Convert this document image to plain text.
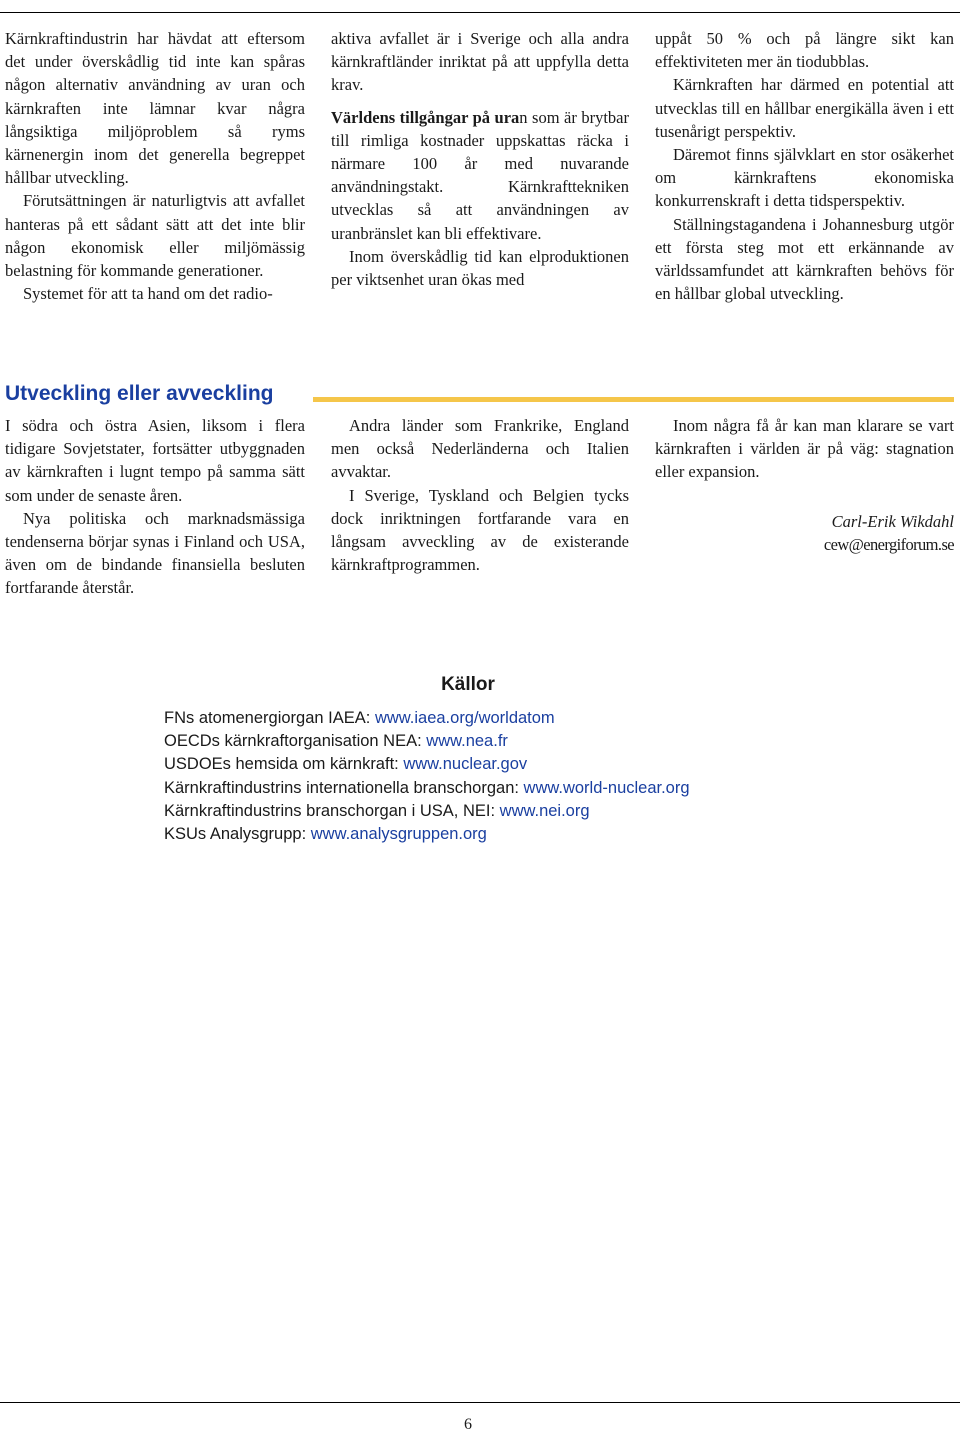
Kärnkraftindustrin har hävdat att eftersom det under överskådlig tid inte kan spåras någon alternativ användning av uran och kärnkraften inte lämnar kvar några långsiktiga miljöproblem så ryms kärnenergin inom det generella begreppet hållbar utveckling.

Förutsättningen är naturligtvis att avfallet hanteras på ett sådant sätt att det inte blir någon ekonomisk eller miljömässig belastning för kommande generationer.

Systemet för att ta hand om det radio-

aktiva avfallet är i Sverige och alla andra kärnkraftländer inriktat på att uppfylla detta krav.

Världens tillgångar på uran som är brytbar till rimliga kostnader uppskattas räcka i närmare 100 år med nuvarande användningstakt. Kärnkrafttekniken utvecklas så att användningen av uranbränslet kan bli effektivare.

Inom överskådlig tid kan elproduktionen per viktsenhet uran ökas med

uppåt 50 % och på längre sikt kan effektiviteten mer än tiodubblas.

Kärnkraften har därmed en potential att utvecklas till en hållbar energikälla även i ett tusenårigt perspektiv.

Däremot finns självklart en stor osäkerhet om kärnkraftens ekonomiska konkurrenskraft i detta tidsperspektiv.

Ställningstagandena i Johannesburg utgör ett första steg mot ett erkännande av världssamfundet att kärnkraften behövs för en hållbar global utveckling.

Utveckling eller avveckling

I södra och östra Asien, liksom i flera tidigare Sovjetstater, fortsätter utbyggnaden av kärnkraften i lugnt tempo på samma sätt som under de senaste åren.

Nya politiska och marknadsmässiga tendenserna börjar synas i Finland och USA, även om de bindande finansiella besluten fortfarande återstår.

Andra länder som Frankrike, England men också Nederländerna och Italien avvaktar.

I Sverige, Tyskland och Belgien tycks dock inriktningen fortfarande vara en långsam avveckling av de existerande kärnkraftprogrammen.

Inom några få år kan man klarare se vart kärnkraften i världen är på väg: stagnation eller expansion.

Carl-Erik Wikdahl

cew@energiforum.se

Källor
FNs atomenergiorgan IAEA: www.iaea.org/worldatom
OECDs kärnkraftorganisation NEA: www.nea.fr
USDOEs hemsida om kärnkraft: www.nuclear.gov
Kärnkraftindustrins internationella branschorgan: www.world-nuclear.org
Kärnkraftindustrins branschorgan i USA, NEI: www.nei.org
KSUs Analysgrupp: www.analysgruppen.org
6
